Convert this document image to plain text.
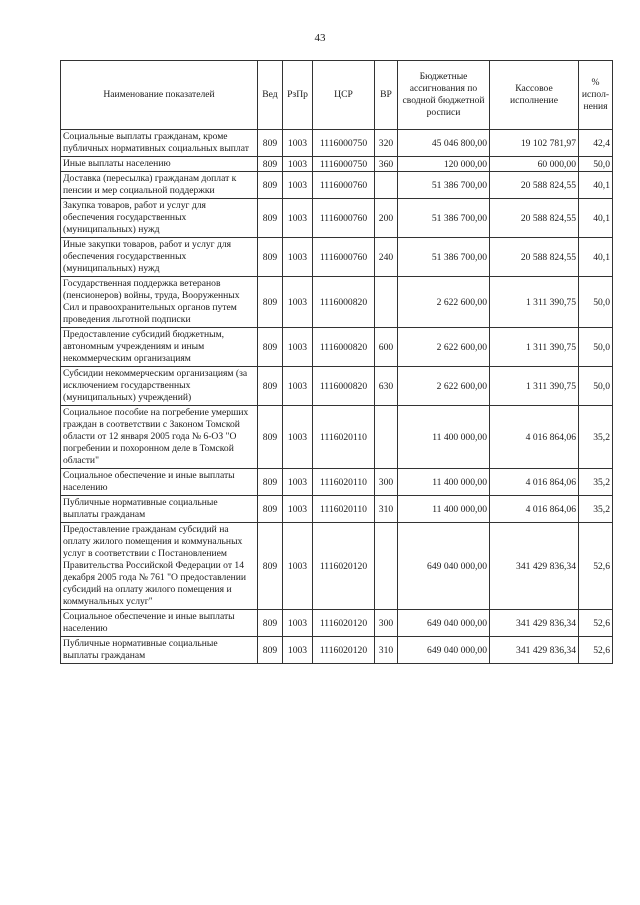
43
Наименование показателей	Вед	РзПр	ЦСР	ВР	Бюджетные ассигнования по сводной бюджетной росписи	Кассовое исполнение	% испол-нения
Социальные выплаты гражданам, кроме публичных нормативных социальных выплат	809	1003	1116000750	320	45 046 800,00	19 102 781,97	42,4
Иные выплаты населению	809	1003	1116000750	360	120 000,00	60 000,00	50,0
Доставка (пересылка) гражданам доплат к пенсии и мер социальной поддержки	809	1003	1116000760		51 386 700,00	20 588 824,55	40,1
Закупка товаров, работ и услуг для обеспечения государственных (муниципальных) нужд	809	1003	1116000760	200	51 386 700,00	20 588 824,55	40,1
Иные закупки товаров, работ и услуг для обеспечения государственных (муниципальных) нужд	809	1003	1116000760	240	51 386 700,00	20 588 824,55	40,1
Государственная поддержка ветеранов (пенсионеров) войны, труда, Вооруженных Сил и правоохранительных органов путем проведения льготной подписки	809	1003	1116000820		2 622 600,00	1 311 390,75	50,0
Предоставление субсидий бюджетным, автономным учреждениям и иным некоммерческим организациям	809	1003	1116000820	600	2 622 600,00	1 311 390,75	50,0
Субсидии некоммерческим организациям (за исключением государственных (муниципальных) учреждений)	809	1003	1116000820	630	2 622 600,00	1 311 390,75	50,0
Социальное пособие на погребение умерших граждан в соответствии с Законом Томской области от 12 января 2005 года № 6-ОЗ "О погребении и похоронном деле в Томской области"	809	1003	1116020110		11 400 000,00	4 016 864,06	35,2
Социальное обеспечение и иные выплаты населению	809	1003	1116020110	300	11 400 000,00	4 016 864,06	35,2
Публичные нормативные социальные выплаты гражданам	809	1003	1116020110	310	11 400 000,00	4 016 864,06	35,2
Предоставление гражданам субсидий на оплату жилого помещения и коммунальных услуг в соответствии с Постановлением Правительства Российской Федерации от 14 декабря 2005 года № 761 "О предоставлении субсидий на оплату жилого помещения и коммунальных услуг"	809	1003	1116020120		649 040 000,00	341 429 836,34	52,6
Социальное обеспечение и иные выплаты населению	809	1003	1116020120	300	649 040 000,00	341 429 836,34	52,6
Публичные нормативные социальные выплаты гражданам	809	1003	1116020120	310	649 040 000,00	341 429 836,34	52,6
